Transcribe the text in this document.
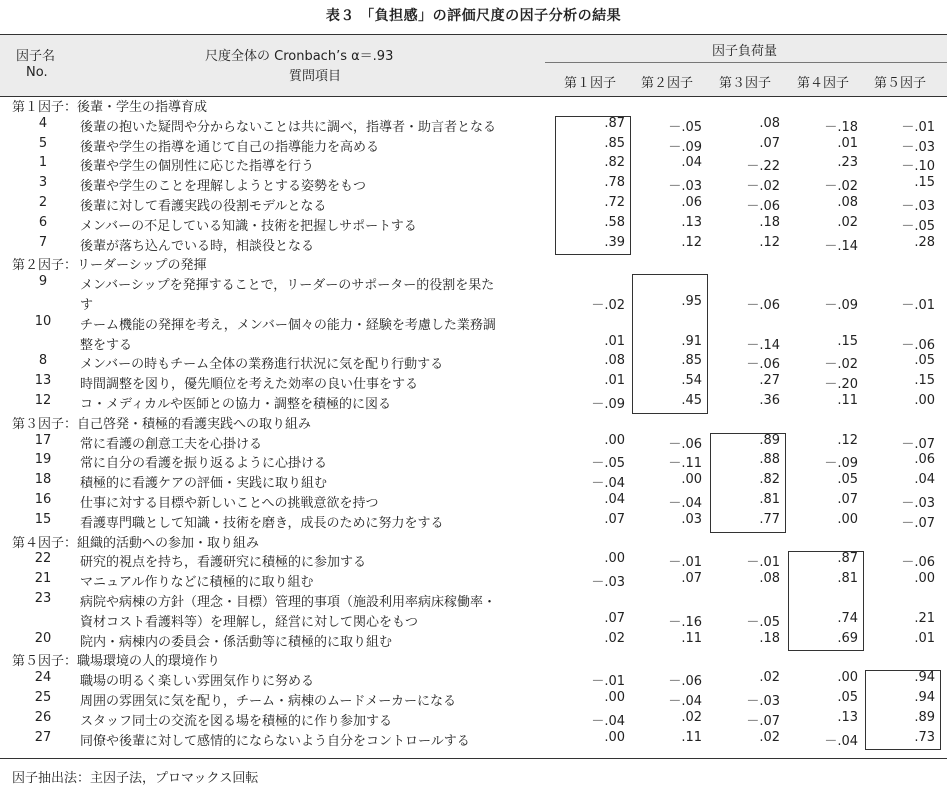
表３ 「負担感」の評価尺度の因子分析の結果
因子名
No.
尺度全体の Cronbach’s α＝.93
質問項目
因子負荷量
第１因子 第２因子 第３因子 第４因子 第５因子
第１因子：後輩・学生の指導育成
4	後輩の抱いた疑問や分からないことは共に調べ，指導者・助言者となる	.87	－.05	.08	－.18	－.01
5	後輩や学生の指導を通じて自己の指導能力を高める	.85	－.09	.07	.01	－.03
1	後輩や学生の個別性に応じた指導を行う	.82	.04	－.22	.23	－.10
3	後輩や学生のことを理解しようとする姿勢をもつ	.78	－.03	－.02	－.02	.15
2	後輩に対して看護実践の役割モデルとなる	.72	.06	－.06	.08	－.03
6	メンバーの不足している知識・技術を把握しサポートする	.58	.13	.18	.02	－.05
7	後輩が落ち込んでいる時，相談役となる	.39	.12	.12	－.14	.28
第２因子：リーダーシップの発揮
9	メンバーシップを発揮することで，リーダーのサポーター的役割を果た
す	－.02	.95	－.06	－.09	－.01
10 チーム機能の発揮を考え，メンバー個々の能力・経験を考慮した業務調
整をする	.01	.91	－.14	.15	－.06
8	メンバーの時もチーム全体の業務進行状況に気を配り行動する	.08	.85	－.06	－.02	.05
13 時間調整を図り，優先順位を考えた効率の良い仕事をする	.01	.54	.27	－.20	.15
12 コ・メディカルや医師との協力・調整を積極的に図る	－.09	.45	.36	.11	.00
第３因子：自己啓発・積極的看護実践への取り組み
17 常に看護の創意工夫を心掛ける	.00	－.06	.89	.12	－.07
19 常に自分の看護を振り返るように心掛ける	－.05	－.11	.88	－.09	.06
18 積極的に看護ケアの評価・実践に取り組む	－.04	.00	.82	.05	.04
16 仕事に対する目標や新しいことへの挑戦意欲を持つ	.04	－.04	.81	.07	－.03
15 看護専門職として知識・技術を磨き，成長のために努力をする	.07	.03	.77	.00	－.07
第４因子：組織的活動への参加・取り組み
22 研究的視点を持ち，看護研究に積極的に参加する	.00	－.01	－.01	.87	－.06
21 マニュアル作りなどに積極的に取り組む	－.03	.07	.08	.81	.00
23 病院や病棟の方針（理念・目標）管理的事項（施設利用率病床稼働率・
資材コスト看護料等）を理解し，経営に対して関心をもつ	.07	－.16	－.05	.74	.21
20 院内・病棟内の委員会・係活動等に積極的に取り組む	.02	.11	.18	.69	.01
第５因子：職場環境の人的環境作り
24 職場の明るく楽しい雰囲気作りに努める	－.01	－.06	.02	.00	.94
25 周囲の雰囲気に気を配り，チーム・病棟のムードメーカーになる	.00	－.04	－.03	.05	.94
26 スタッフ同士の交流を図る場を積極的に作り参加する	－.04	.02	－.07	.13	.89
27 同僚や後輩に対して感情的にならないよう自分をコントロールする	.00	.11	.02	－.04	.73
因子抽出法：主因子法，プロマックス回転
